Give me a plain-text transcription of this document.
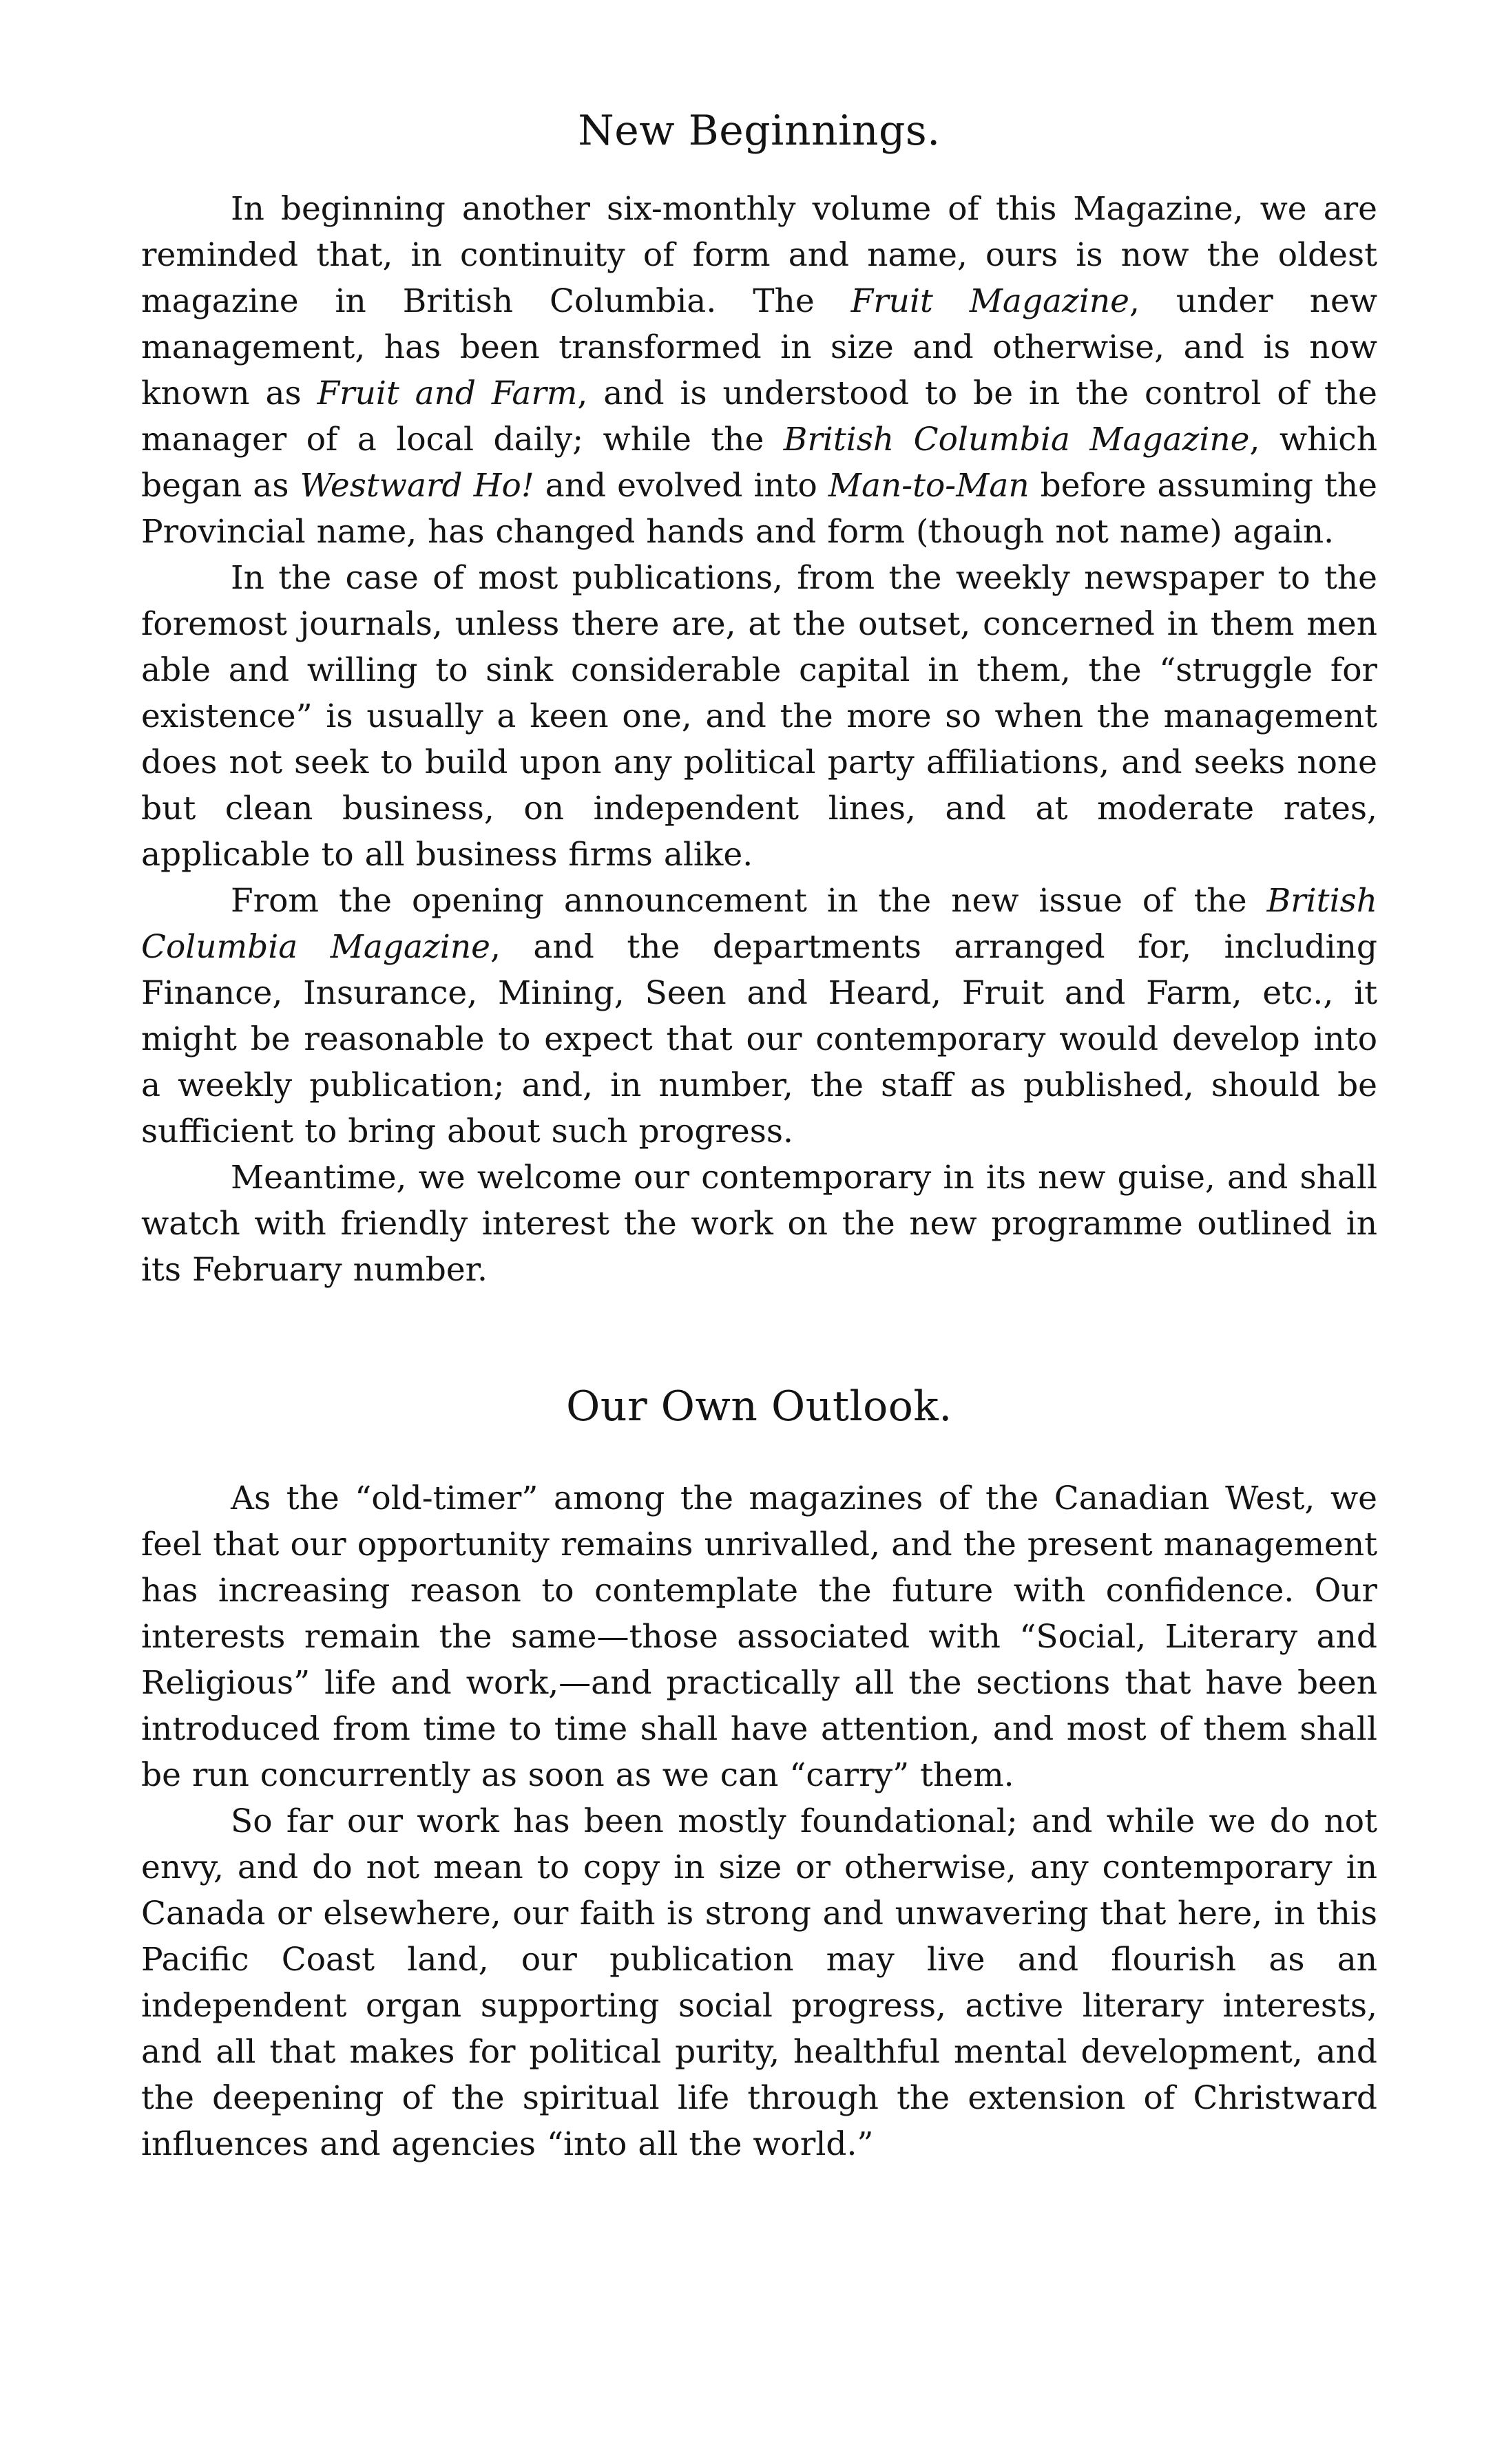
New Beginnings.

In beginning another six-monthly volume of this Magazine, we are reminded that, in continuity of form and name, ours is now the oldest magazine in British Columbia. The Fruit Magazine, under new management, has been transformed in size and otherwise, and is now known as Fruit and Farm, and is understood to be in the control of the manager of a local daily; while the British Columbia Magazine, which began as Westward Ho! and evolved into Man-to-Man before assuming the Provincial name, has changed hands and form (though not name) again.

In the case of most publications, from the weekly newspaper to the foremost journals, unless there are, at the outset, concerned in them men able and willing to sink considerable capital in them, the “struggle for existence” is usually a keen one, and the more so when the management does not seek to build upon any political party affiliations, and seeks none but clean business, on independent lines, and at moderate rates, applicable to all business firms alike.

From the opening announcement in the new issue of the British Columbia Magazine, and the departments arranged for, including Finance, Insurance, Mining, Seen and Heard, Fruit and Farm, etc., it might be reasonable to expect that our contemporary would develop into a weekly publication; and, in number, the staff as published, should be sufficient to bring about such progress.

Meantime, we welcome our contemporary in its new guise, and shall watch with friendly interest the work on the new programme outlined in its February number.

Our Own Outlook.

As the “old-timer” among the magazines of the Canadian West, we feel that our opportunity remains unrivalled, and the present management has increasing reason to contemplate the future with confidence. Our interests remain the same—those associated with “Social, Literary and Religious” life and work,—and practically all the sections that have been introduced from time to time shall have attention, and most of them shall be run concurrently as soon as we can “carry” them.

So far our work has been mostly foundational; and while we do not envy, and do not mean to copy in size or otherwise, any contemporary in Canada or elsewhere, our faith is strong and unwavering that here, in this Pacific Coast land, our publication may live and flourish as an independent organ supporting social progress, active literary interests, and all that makes for political purity, healthful mental development, and the deepening of the spiritual life through the extension of Christward influences and agencies “into all the world.”
